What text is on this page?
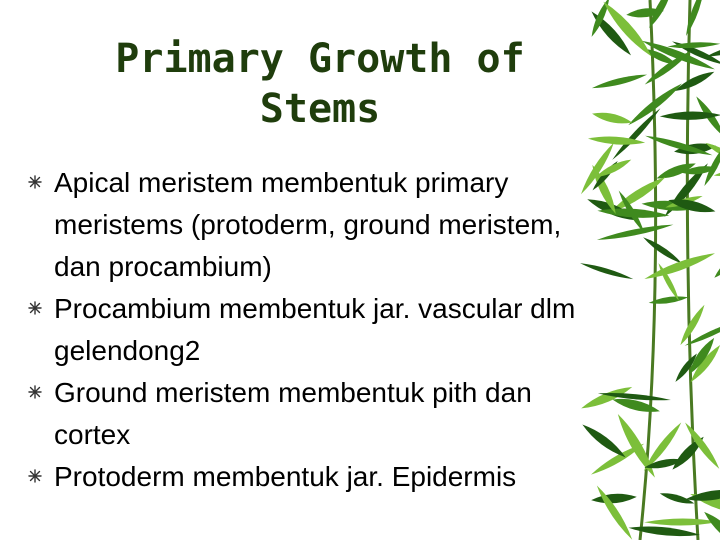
Primary Growth of
Stems
Apical meristem membentuk primary meristems (protoderm, ground meristem, dan procambium)
Procambium membentuk jar. vascular dlm gelendong2
Ground meristem membentuk pith dan cortex
Protoderm membentuk jar. Epidermis
